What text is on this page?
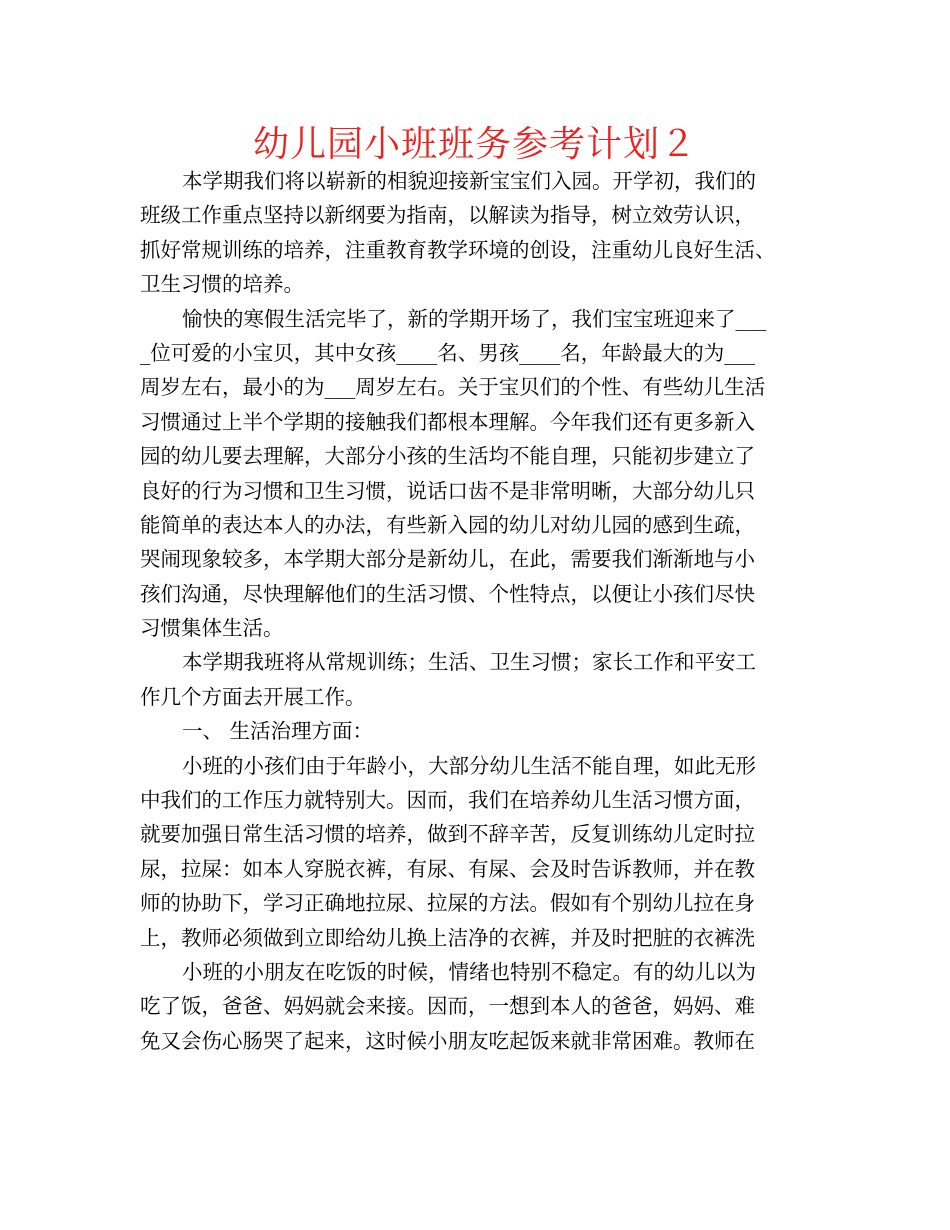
幼儿园小班班务参考计划２
本学期我们将以崭新的相貌迎接新宝宝们入园。开学初，我们的
班级工作重点坚持以新纲要为指南，以解读为指导，树立效劳认识，
抓好常规训练的培养，注重教育教学环境的创设，注重幼儿良好生活、
卫生习惯的培养。
愉快的寒假生活完毕了，新的学期开场了，我们宝宝班迎来了___
_位可爱的小宝贝，其中女孩____名、男孩____名，年龄最大的为___
周岁左右，最小的为___周岁左右。关于宝贝们的个性、有些幼儿生活
习惯通过上半个学期的接触我们都根本理解。今年我们还有更多新入
园的幼儿要去理解，大部分小孩的生活均不能自理，只能初步建立了
良好的行为习惯和卫生习惯，说话口齿不是非常明晰，大部分幼儿只
能简单的表达本人的办法，有些新入园的幼儿对幼儿园的感到生疏，
哭闹现象较多，本学期大部分是新幼儿，在此，需要我们渐渐地与小
孩们沟通，尽快理解他们的生活习惯、个性特点，以便让小孩们尽快
习惯集体生活。
本学期我班将从常规训练；生活、卫生习惯；家长工作和平安工
作几个方面去开展工作。
一、 生活治理方面：
小班的小孩们由于年龄小，大部分幼儿生活不能自理，如此无形
中我们的工作压力就特别大。因而，我们在培养幼儿生活习惯方面，
就要加强日常生活习惯的培养，做到不辞辛苦，反复训练幼儿定时拉
尿，拉屎：如本人穿脱衣裤，有尿、有屎、会及时告诉教师，并在教
师的协助下，学习正确地拉尿、拉屎的方法。假如有个别幼儿拉在身
上，教师必须做到立即给幼儿换上洁净的衣裤，并及时把脏的衣裤洗
小班的小朋友在吃饭的时候，情绪也特别不稳定。有的幼儿以为
吃了饭，爸爸、妈妈就会来接。因而，一想到本人的爸爸，妈妈、难
免又会伤心肠哭了起来，这时候小朋友吃起饭来就非常困难。教师在
